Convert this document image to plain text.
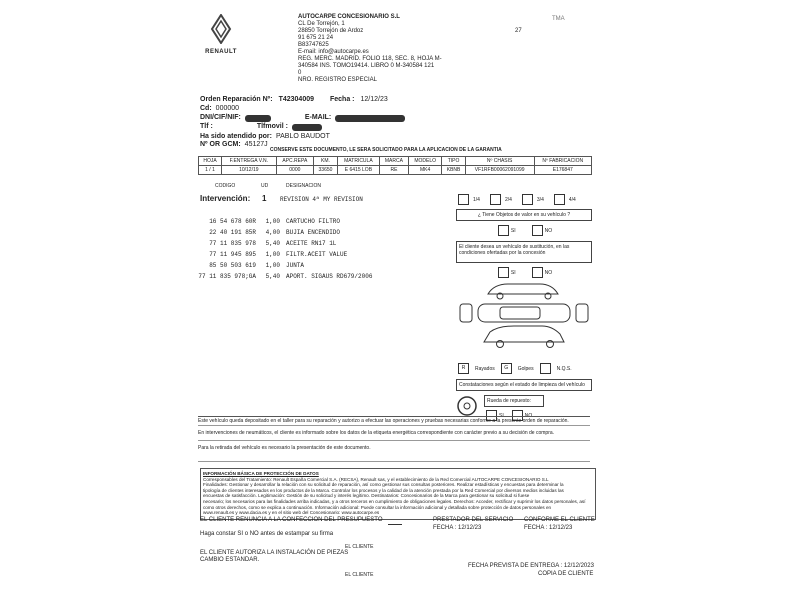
RENAULT
AUTOCARPE CONCESIONARIO S.L
CL De Torrejón, 1
28850 Torrejón de Ardoz
91 675 21 24
B83747625
E-mail: info@autocarpe.es
REG. MERC. MADRID. FOLIO 118, SEC. 8, HOJA M-
340584 INS. TOMO19414. LIBRO 0 M-340584 121
0
NRO. REGISTRO ESPECIAL
27
TMA
Orden Reparación Nº: T42304009 Fecha : 12/12/23
Cd: 000000
DNI/CIF/NIF:	E-MAIL:
Tlf :	Tlfmovil :
Ha sido atendido por: PABLO BAUDOT
Nº OR GCM: 45127J
CONSERVE ESTE DOCUMENTO, LE SERA SOLICITADO PARA LA APLICACION DE LA GARANTIA
HOJA	F.ENTREGA V.N.	APC.REPA	KM.	MATRICULA	MARCA	MODELO	TIPO	Nº CHASIS	Nº FABRICACION
1 / 1	10/12/19	0000	33650	E 6415 LOB	RE	MK4	KBNB	VF1RFB00062091099	E176847
CODIGO	UD	DESIGNACION
Intervención:	1	REVISION 4ª MY REVISION
16 54 678 60R	1,00 CARTUCHO FILTRO
22 40 191 85R	4,00 BUJIA ENCENDIDO
77 11 835 978	5,40 ACEITE RN17 1L
77 11 945 895	1,00 FILTR.ACEIT VALUE
85 50 503 619	1,00 JUNTA
77 11 835 978;GA	5,40 APORT. SIGAUS RD679/2006
1/4	2/4	3/4	4/4
¿ Tiene Objetos de valor en su vehículo ?
SI	NO
El cliente desea un vehículo de sustitución, en las condiciones ofertadas por la concesión
SI	NO
R	Rayados	G	Golpes	N.Q.S.
Constataciones según el estado de limpieza del vehículo
Rueda de repuesto:
SI	NO
Este vehículo queda depositado en el taller para su reparación y autorizo a efectuar las operaciones y pruebas necesarias conforme a la presente orden de reparación.
En intervenciones de neumáticos, el cliente es informado sobre los datos de la etiqueta energética correspondiente con carácter previo a su decisión de compra.
Para la retirada del vehículo es necesario la presentación de este documento.
INFORMACIÓN BÁSICA DE PROTECCIÓN DE DATOS
Corresponsables del Tratamiento: Renault España Comercial S.A. (RECSA), Renault sas, y el establecimiento de la Red Comercial AUTOCARPE CONCESIONARIO S.L
Finalidades: Gestionar y desarrollar la relación con su solicitud de reparación, así como gestionar sus consultas posteriores. Realizar estadísticas y encuestas para determinar la
tipología de clientes interesados en los productos de la Marca. Controlar los procesos y la calidad de la atención prestada por la Red Comercial por diversos medios incluidas las
encuestas de satisfacción. Legitimación: Gestión de su solicitud y interés legítimo. Destinatarios: Concesionarios de la Marca para gestionar su solicitud si fuese
necesario; los necesarios para las finalidades arriba indicadas, y a otros terceros en cumplimiento de obligaciones legales. Derechos: Acceder, rectificar y suprimir los datos personales, así
como otros derechos, como se explica a continuación. Información adicional: Puede consultar la información adicional y detallada sobre protección de datos personales en
www.renault.es y www.dacia.es y en el sitio web del Concesionario: www.autocarpe.es
EL CLIENTE RENUNCIA A LA CONFECCION DEL PRESUPUESTO	PRESTADOR DEL SERVICIO CONFORME EL CLIENTE
FECHA : 12/12/23	FECHA : 12/12/23
Haga constar SI o NO antes de estampar su firma
EL CLIENTE
EL CLIENTE AUTORIZA LA INSTALACIÓN DE PIEZAS
CAMBIO ESTANDAR.
EL CLIENTE
FECHA PREVISTA DE ENTREGA : 12/12/2023
COPIA DE CLIENTE
